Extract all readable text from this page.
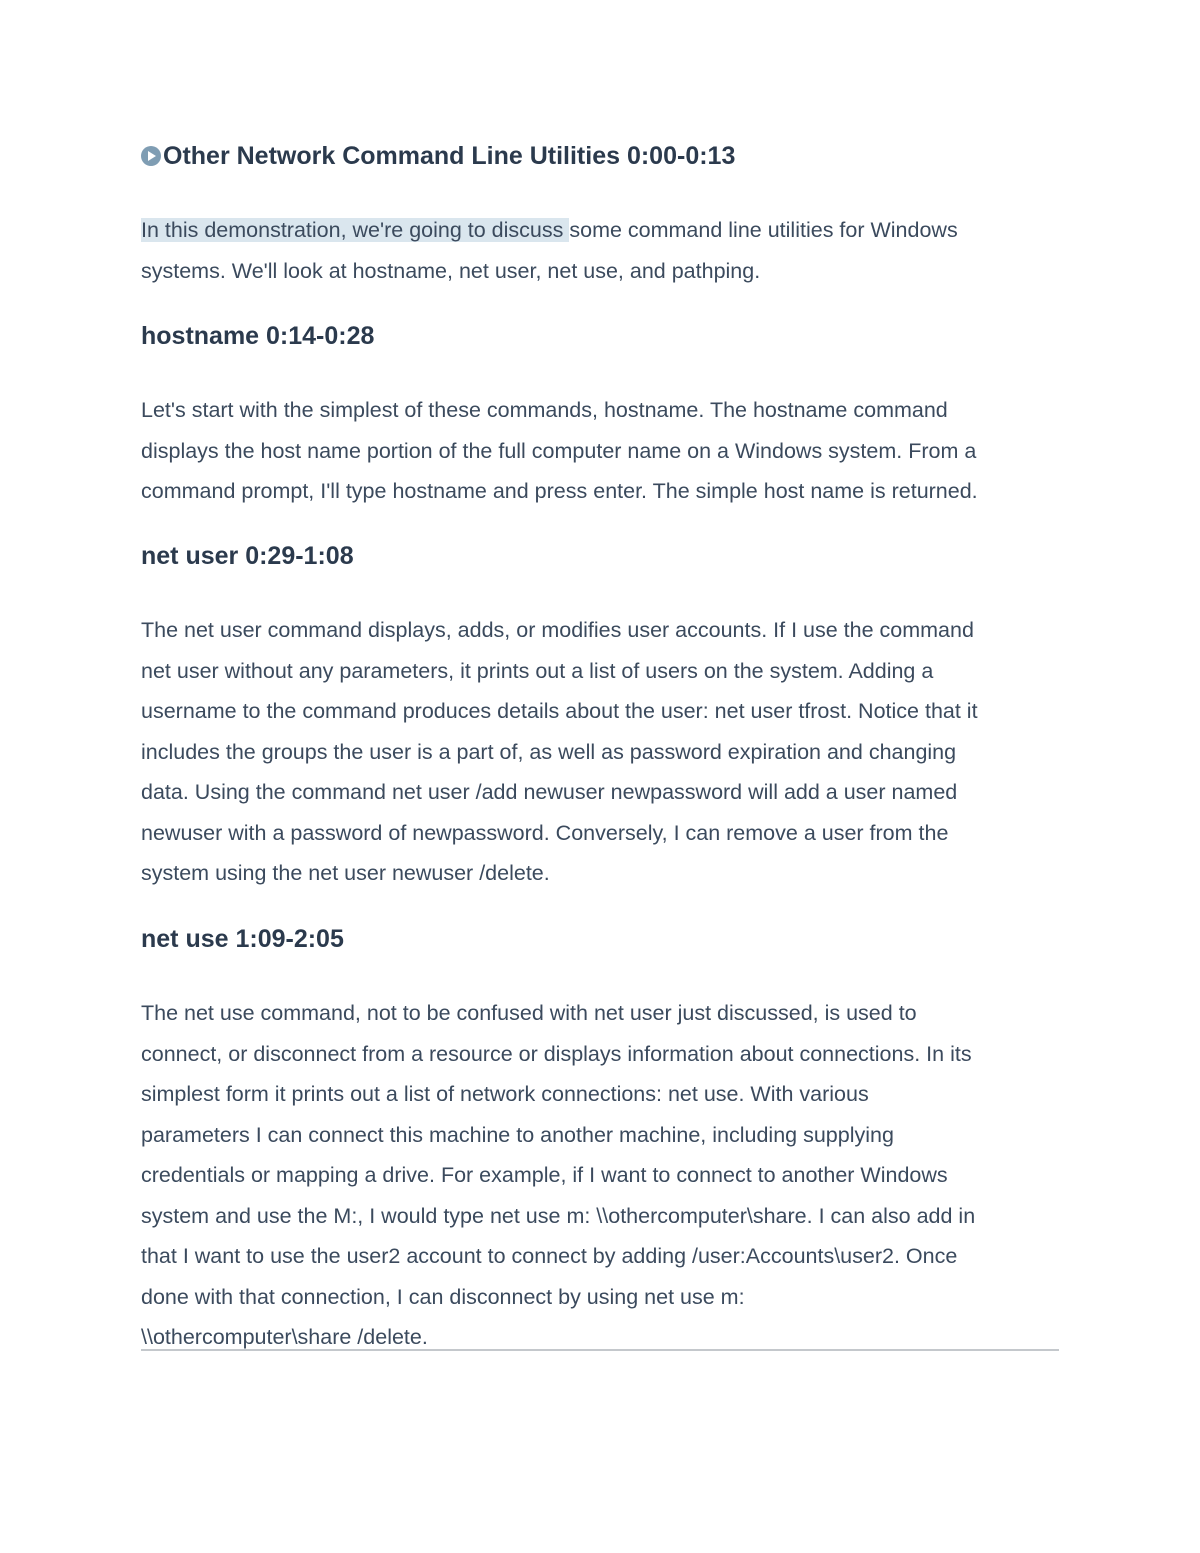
Other Network Command Line Utilities 0:00-0:13

In this demonstration, we're going to discuss some command line utilities for Windows
systems. We'll look at hostname, net user, net use, and pathping.

hostname 0:14-0:28

Let's start with the simplest of these commands, hostname. The hostname command
displays the host name portion of the full computer name on a Windows system. From a
command prompt, I'll type hostname and press enter. The simple host name is returned.

net user 0:29-1:08

The net user command displays, adds, or modifies user accounts. If I use the command
net user without any parameters, it prints out a list of users on the system. Adding a
username to the command produces details about the user: net user tfrost. Notice that it
includes the groups the user is a part of, as well as password expiration and changing
data. Using the command net user /add newuser newpassword will add a user named
newuser with a password of newpassword. Conversely, I can remove a user from the
system using the net user newuser /delete.

net use 1:09-2:05

The net use command, not to be confused with net user just discussed, is used to
connect, or disconnect from a resource or displays information about connections. In its
simplest form it prints out a list of network connections: net use. With various
parameters I can connect this machine to another machine, including supplying
credentials or mapping a drive. For example, if I want to connect to another Windows
system and use the M:, I would type net use m: \\othercomputer\share. I can also add in
that I want to use the user2 account to connect by adding /user:Accounts\user2. Once
done with that connection, I can disconnect by using net use m:
\\othercomputer\share /delete.
